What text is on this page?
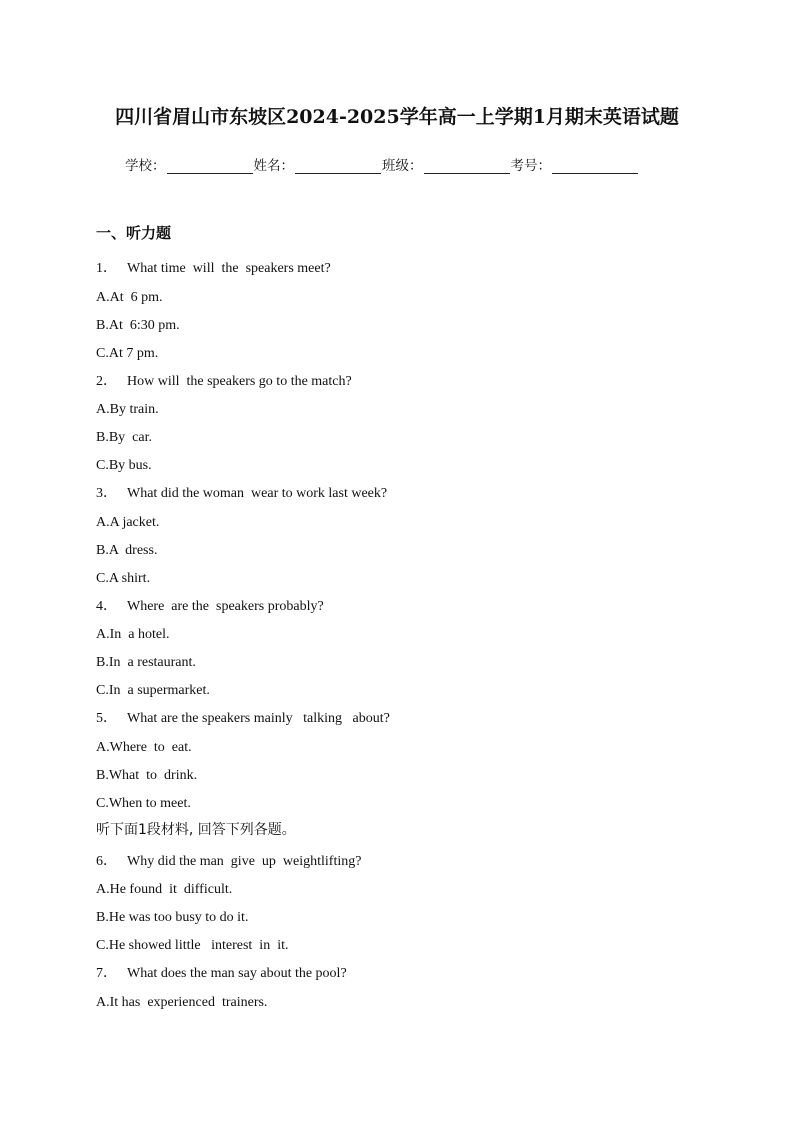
四川省眉山市东坡区2024-2025学年高一上学期1月期末英语试题
学校：	姓名：	班级：	考号：
一、听力题
1． What time  will  the  speakers meet?
A.At  6 pm.
B.At  6:30 pm.
C.At 7 pm.
2． How will  the speakers go to the match?
A.By train.
B.By  car.
C.By bus.
3． What did the woman  wear to work last week?
A.A jacket.
B.A  dress.
C.A shirt.
4． Where  are the  speakers probably?
A.In  a hotel.
B.In  a restaurant.
C.In  a supermarket.
5． What are the speakers mainly   talking   about?
A.Where  to  eat.
B.What  to  drink.
C.When to meet.
听下面1段材料, 回答下列各题。
6． Why did the man  give  up  weightlifting?
A.He found  it  difficult.
B.He was too busy to do it.
C.He showed little   interest  in  it.
7． What does the man say about the pool?
A.It has  experienced  trainers.
